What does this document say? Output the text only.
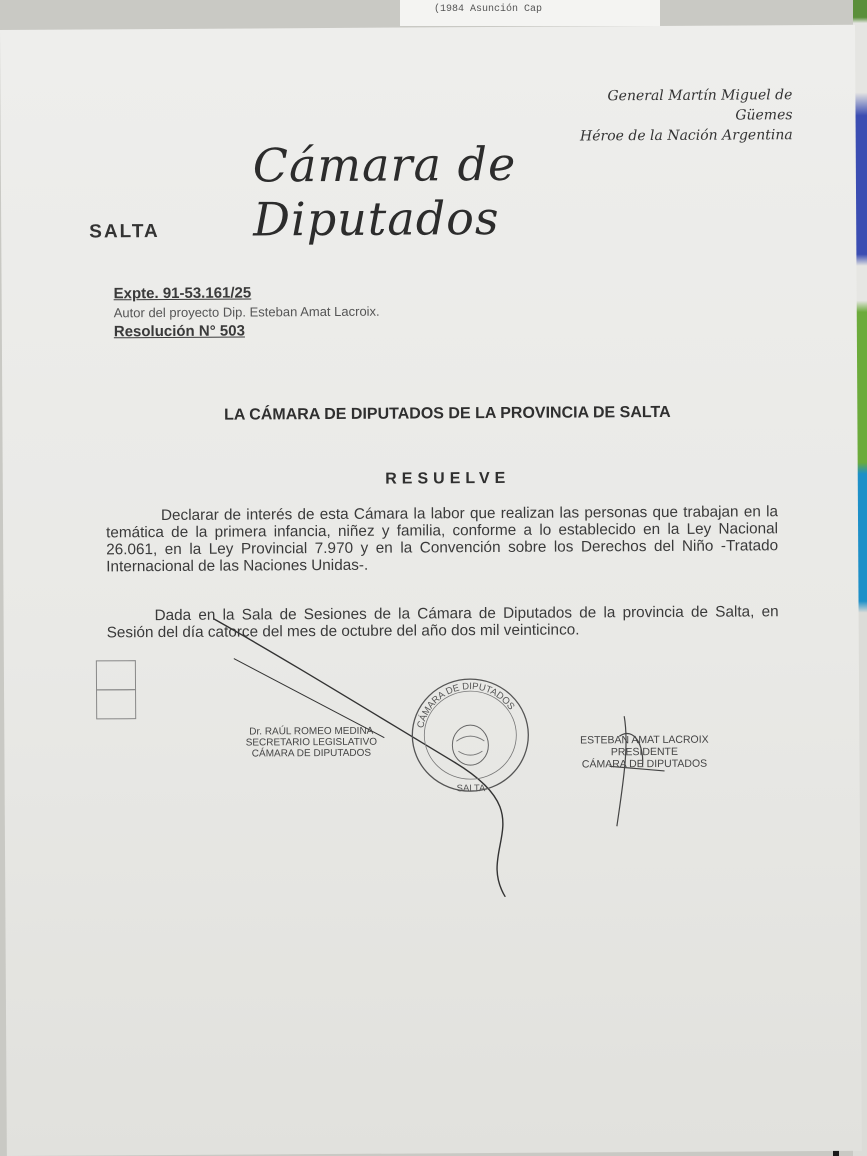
(1984 Asunción Cap
General Martín Miguel de Güemes
Héroe de la Nación Argentina
Cámara de Diputados
SALTA
Expte. 91-53.161/25
Autor del proyecto Dip. Esteban Amat Lacroix.
Resolución N° 503
LA CÁMARA DE DIPUTADOS DE LA PROVINCIA DE SALTA
RESUELVE
Declarar de interés de esta Cámara la labor que realizan las personas que trabajan en la temática de la primera infancia, niñez y familia, conforme a lo establecido en la Ley Nacional 26.061, en la Ley Provincial 7.970 y en la Convención sobre los Derechos del Niño -Tratado Internacional de las Naciones Unidas-.
Dada en la Sala de Sesiones de la Cámara de Diputados de la provincia de Salta, en Sesión del día catorce del mes de octubre del año dos mil veinticinco.
Dr. RAÚL ROMEO MEDINA
SECRETARIO LEGISLATIVO
CÁMARA DE DIPUTADOS
CÁMARA DE DIPUTADOS
SALTA
ESTEBAN AMAT LACROIX
PRESIDENTE
CÁMARA DE DIPUTADOS
